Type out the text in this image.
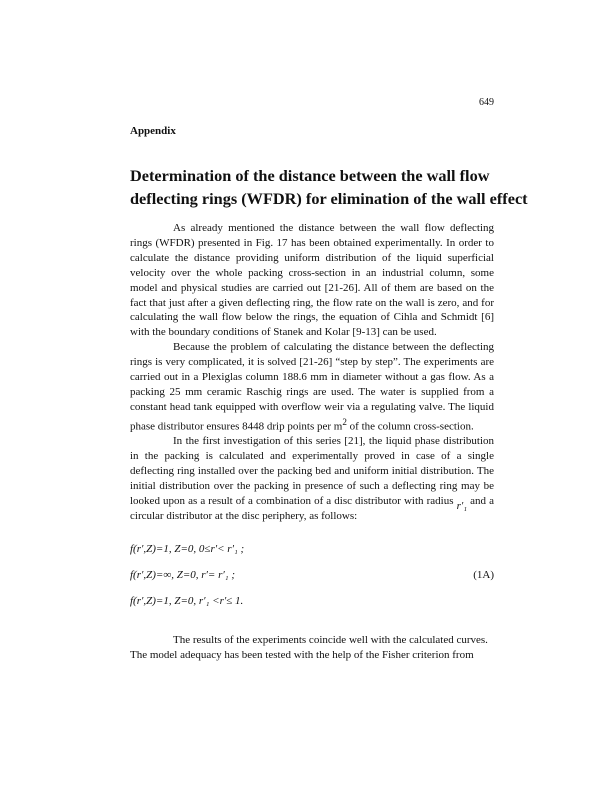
649
Appendix
Determination of the distance between the wall flow
deflecting rings (WFDR) for elimination of the wall effect

As already mentioned the distance between the wall flow deflecting rings (WFDR) presented in Fig. 17 has been obtained experimentally. In order to calculate the distance providing uniform distribution of the liquid superficial velocity over the whole packing cross-section in an industrial column, some model and physical studies are carried out [21-26]. All of them are based on the fact that just after a given deflecting ring, the flow rate on the wall is zero, and for calculating the wall flow below the rings, the equation of Cihla and Schmidt [6] with the boundary conditions of Stanek and Kolar [9-13] can be used.

Because the problem of calculating the distance between the deflecting rings is very complicated, it is solved [21-26] “step by step”. The experiments are carried out in a Plexiglas column 188.6 mm in diameter without a gas flow. As a packing 25 mm ceramic Raschig rings are used. The water is supplied from a constant head tank equipped with overflow weir via a regulating valve. The liquid phase distributor ensures 8448 drip points per $m^2$ of the column cross-section.

In the first investigation of this series [21], the liquid phase distribution in the packing is calculated and experimentally proved in case of a single deflecting ring installed over the packing bed and uniform initial distribution. The initial distribution over the packing in presence of such a deflecting ring may be looked upon as a result of a combination of a disc distributor with radius r′₁ and a circular distributor at the disc periphery, as follows:

f(r′,Z)=1, Z=0, 0≤r′< r′₁ ;
f(r′,Z)=∞, Z=0, r′= r′₁ ;	(1A)
f(r′,Z)=1, Z=0, r′₁ <r′≤ 1.

The results of the experiments coincide well with the calculated curves.

The model adequacy has been tested with the help of the Fisher criterion from
